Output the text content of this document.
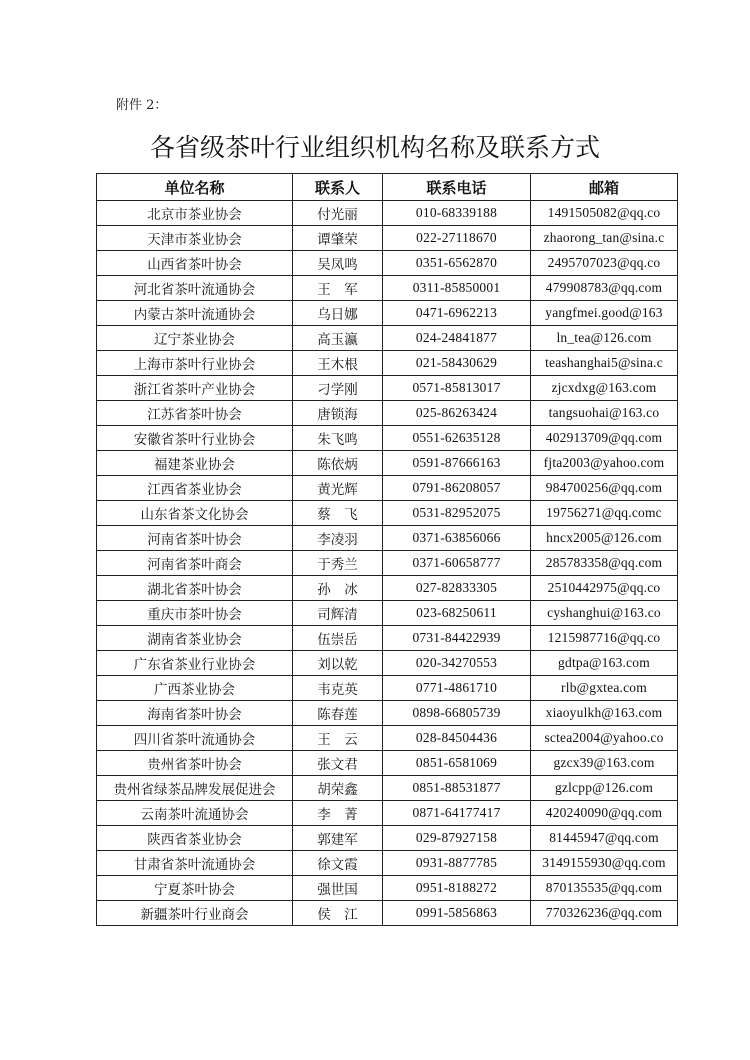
附件 2：
各省级茶叶行业组织机构名称及联系方式
单位名称	联系人	联系电话	邮箱
北京市茶业协会	付光丽	010-68339188	1491505082@qq.co
天津市茶业协会	谭肇荣	022-27118670	zhaorong_tan@sina.c
山西省茶叶协会	吴凤鸣	0351-6562870	2495707023@qq.co
河北省茶叶流通协会	王　军	0311-85850001	479908783@qq.com
内蒙古茶叶流通协会	乌日娜	0471-6962213	yangfmei.good@163
辽宁茶业协会	高玉瀛	024-24841877	ln_tea@126.com
上海市茶叶行业协会	王木根	021-58430629	teashanghai5@sina.c
浙江省茶叶产业协会	刁学刚	0571-85813017	zjcxdxg@163.com
江苏省茶叶协会	唐锁海	025-86263424	tangsuohai@163.co
安徽省茶叶行业协会	朱飞鸣	0551-62635128	402913709@qq.com
福建茶业协会	陈依炳	0591-87666163	fjta2003@yahoo.com
江西省茶业协会	黄光辉	0791-86208057	984700256@qq.com
山东省茶文化协会	蔡　飞	0531-82952075	19756271@qq.comc
河南省茶叶协会	李凌羽	0371-63856066	hncx2005@126.com
河南省茶叶商会	于秀兰	0371-60658777	285783358@qq.com
湖北省茶叶协会	孙　冰	027-82833305	2510442975@qq.co
重庆市茶叶协会	司辉清	023-68250611	cyshanghui@163.co
湖南省茶业协会	伍崇岳	0731-84422939	1215987716@qq.co
广东省茶业行业协会	刘以乾	020-34270553	gdtpa@163.com
广西茶业协会	韦克英	0771-4861710	rlb@gxtea.com
海南省茶叶协会	陈春莲	0898-66805739	xiaoyulkh@163.com
四川省茶叶流通协会	王　云	028-84504436	sctea2004@yahoo.co
贵州省茶叶协会	张文君	0851-6581069	gzcx39@163.com
贵州省绿茶品牌发展促进会	胡荣鑫	0851-88531877	gzlcpp@126.com
云南茶叶流通协会	李　菁	0871-64177417	420240090@qq.com
陕西省茶业协会	郭建军	029-87927158	81445947@qq.com
甘肃省茶叶流通协会	徐文霞	0931-8877785	3149155930@qq.com
宁夏茶叶协会	强世国	0951-8188272	870135535@qq.com
新疆茶叶行业商会	侯　江	0991-5856863	770326236@qq.com
